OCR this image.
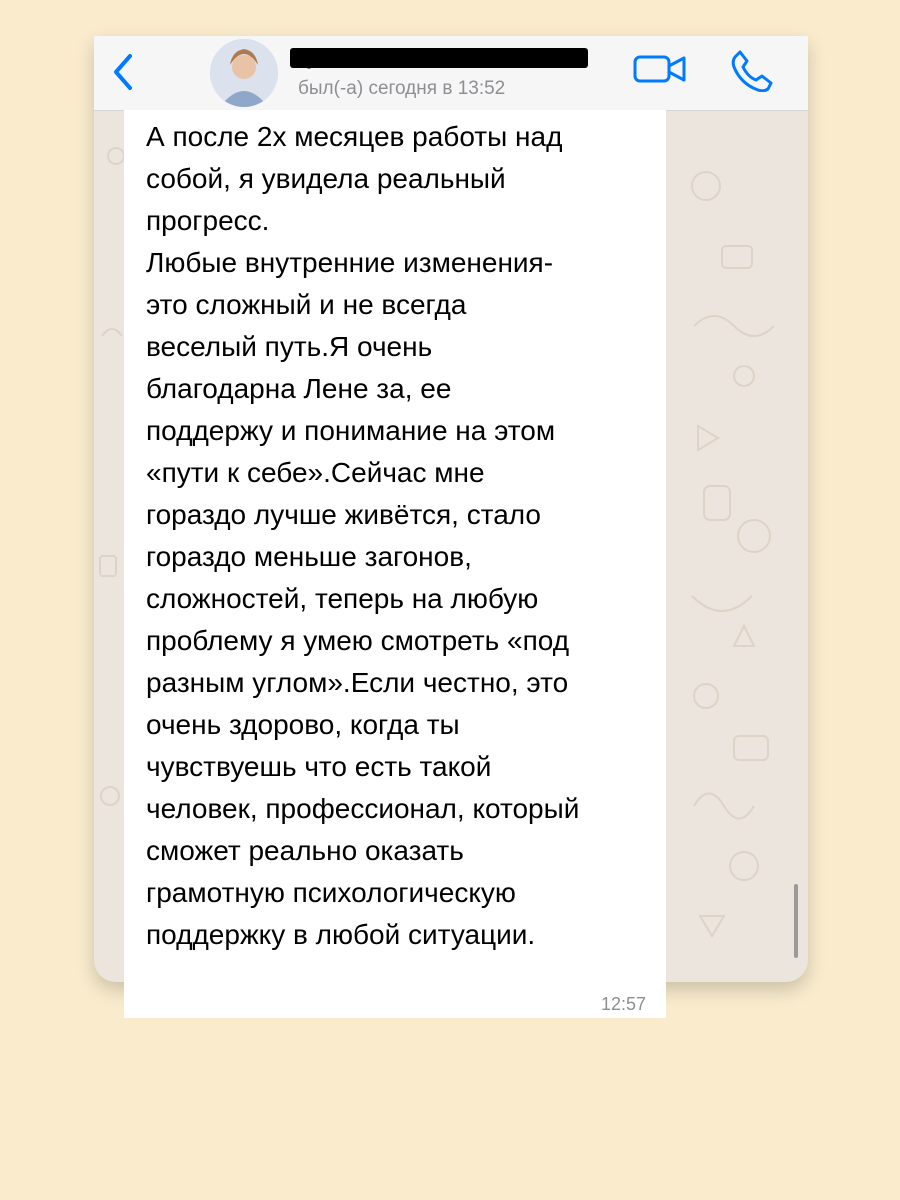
был(-а) сегодня в 13:52

А после 2х месяцев работы над
собой, я увидела реальный
прогресс.
Любые внутренние изменения-
это сложный и не всегда
веселый путь.Я очень
благодарна Лене за, ее
поддержу и понимание на этом
«пути к себе».Сейчас мне
гораздо лучше живётся, стало
гораздо меньше загонов,
сложностей, теперь на любую
проблему я умею смотреть «под
разным углом».Если честно, это
очень здорово, когда ты
чувствуешь что есть такой
человек, профессионал, который
сможет реально оказать
грамотную психологическую
поддержку в любой ситуации.

12:57
